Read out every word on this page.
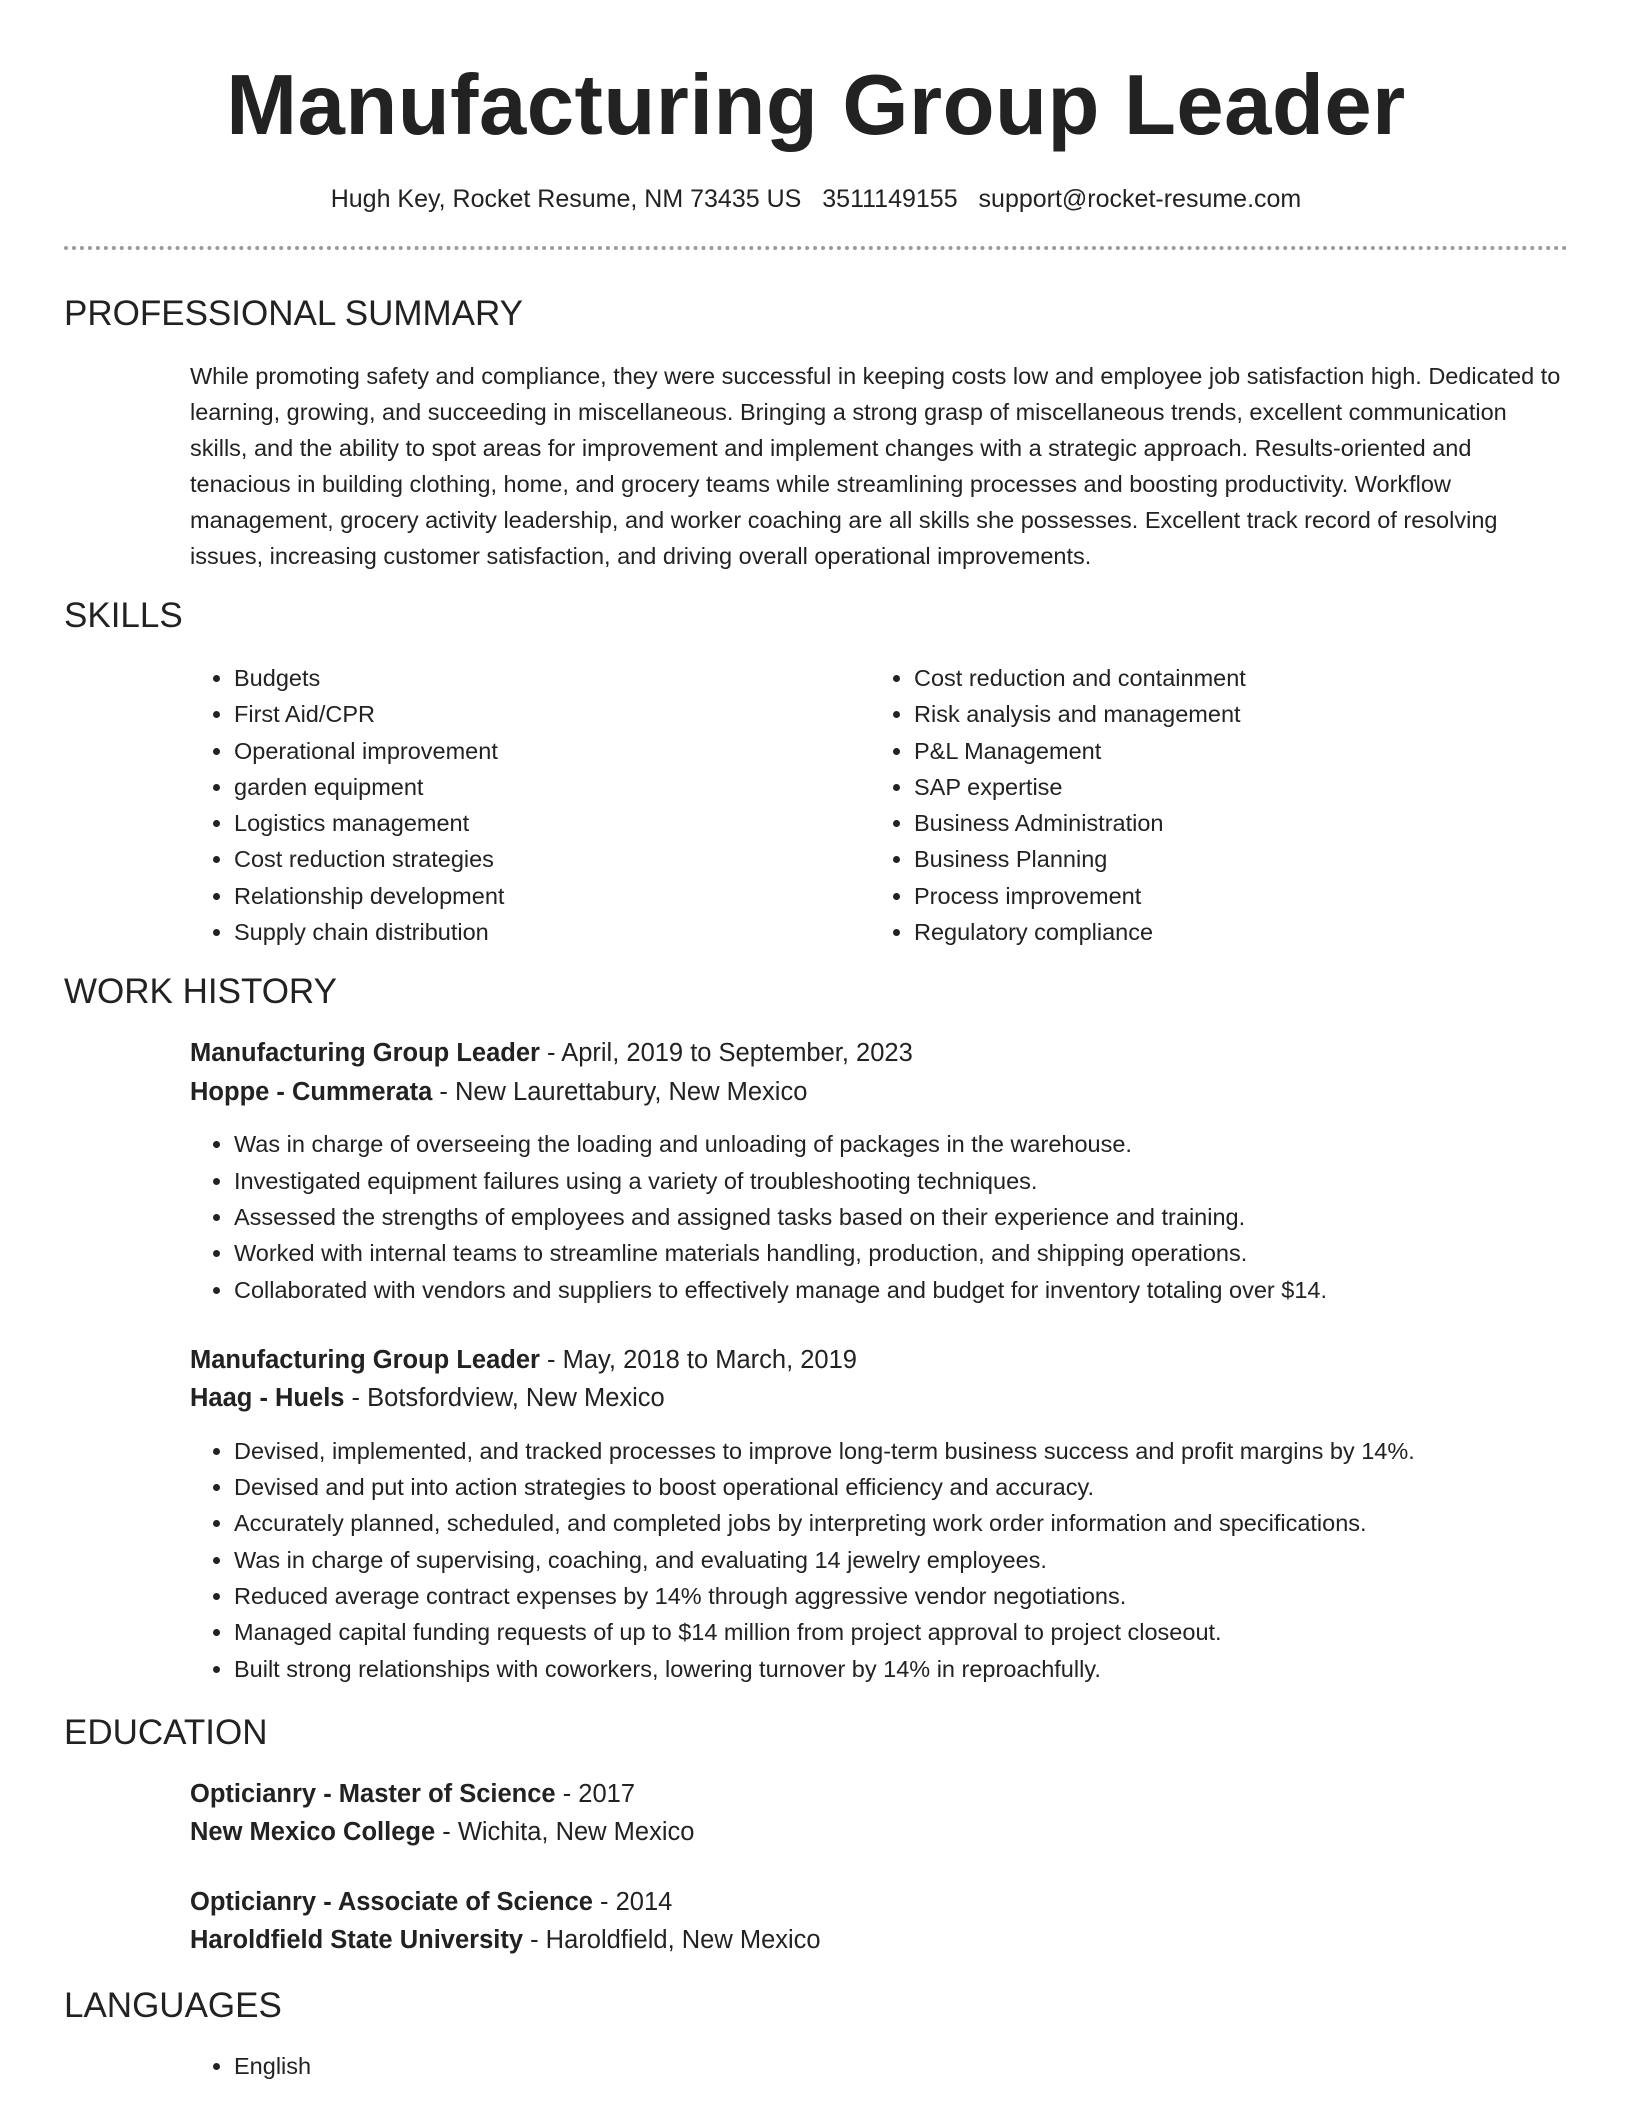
Manufacturing Group Leader
Hugh Key, Rocket Resume, NM 73435 US 3511149155 support@rocket-resume.com
PROFESSIONAL SUMMARY

While promoting safety and compliance, they were successful in keeping costs low and employee job satisfaction high. Dedicated to learning, growing, and succeeding in miscellaneous. Bringing a strong grasp of miscellaneous trends, excellent communication skills, and the ability to spot areas for improvement and implement changes with a strategic approach. Results-oriented and tenacious in building clothing, home, and grocery teams while streamlining processes and boosting productivity. Workflow management, grocery activity leadership, and worker coaching are all skills she possesses. Excellent track record of resolving issues, increasing customer satisfaction, and driving overall operational improvements.

SKILLS
• Budgets
• First Aid/CPR
• Operational improvement
• garden equipment
• Logistics management
• Cost reduction strategies
• Relationship development
• Supply chain distribution
• Cost reduction and containment
• Risk analysis and management
• P&L Management
• SAP expertise
• Business Administration
• Business Planning
• Process improvement
• Regulatory compliance
WORK HISTORY
Manufacturing Group Leader - April, 2019 to September, 2023
Hoppe - Cummerata - New Laurettabury, New Mexico
• Was in charge of overseeing the loading and unloading of packages in the warehouse.
• Investigated equipment failures using a variety of troubleshooting techniques.
• Assessed the strengths of employees and assigned tasks based on their experience and training.
• Worked with internal teams to streamline materials handling, production, and shipping operations.
• Collaborated with vendors and suppliers to effectively manage and budget for inventory totaling over $14.
Manufacturing Group Leader - May, 2018 to March, 2019
Haag - Huels - Botsfordview, New Mexico
• Devised, implemented, and tracked processes to improve long-term business success and profit margins by 14%.
• Devised and put into action strategies to boost operational efficiency and accuracy.
• Accurately planned, scheduled, and completed jobs by interpreting work order information and specifications.
• Was in charge of supervising, coaching, and evaluating 14 jewelry employees.
• Reduced average contract expenses by 14% through aggressive vendor negotiations.
• Managed capital funding requests of up to $14 million from project approval to project closeout.
• Built strong relationships with coworkers, lowering turnover by 14% in reproachfully.
EDUCATION
Opticianry - Master of Science - 2017
New Mexico College - Wichita, New Mexico
Opticianry - Associate of Science - 2014
Haroldfield State University - Haroldfield, New Mexico
LANGUAGES
• English
